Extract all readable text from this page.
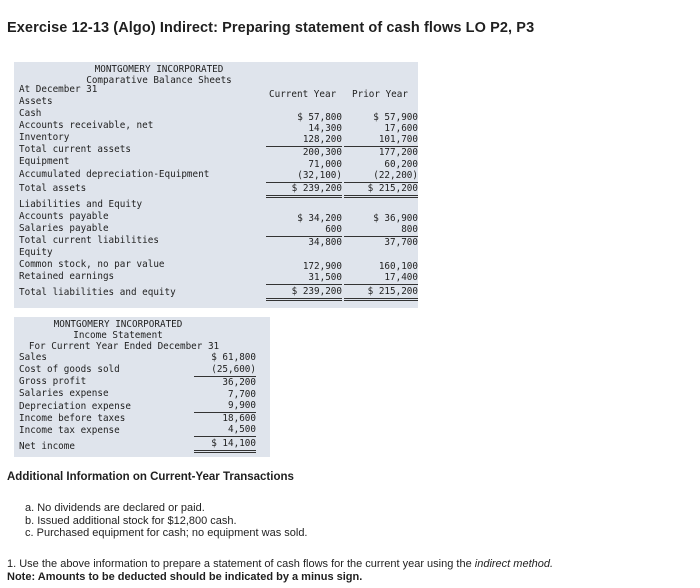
Exercise 12-13 (Algo) Indirect: Preparing statement of cash flows LO P2, P3
MONTGOMERY INCORPORATED
Comparative Balance Sheets
At December 31	Current Year Prior Year
Assets
Cash	$ 57,800	$ 57,900
Accounts receivable, net	14,300	17,600
Inventory	128,200	101,700
Total current assets	200,300	177,200
Equipment	71,000	60,200
Accumulated depreciation-Equipment	(32,100)	(22,200)
Total assets	$ 239,200	$ 215,200
Liabilities and Equity
Accounts payable	$ 34,200	$ 36,900
Salaries payable	600	800
Total current liabilities	34,800	37,700
Equity
Common stock, no par value	172,900	160,100
Retained earnings	31,500	17,400
Total liabilities and equity	$ 239,200	$ 215,200
MONTGOMERY INCORPORATED
Income Statement
For Current Year Ended December 31
Sales	$ 61,800
Cost of goods sold	(25,600)
Gross profit	36,200
Salaries expense	7,700
Depreciation expense	9,900
Income before taxes	18,600
Income tax expense	4,500
Net income	$ 14,100
Additional Information on Current-Year Transactions
a. No dividends are declared or paid.
b. Issued additional stock for $12,800 cash.
c. Purchased equipment for cash; no equipment was sold.
1. Use the above information to prepare a statement of cash flows for the current year using the indirect method.
Note: Amounts to be deducted should be indicated by a minus sign.
